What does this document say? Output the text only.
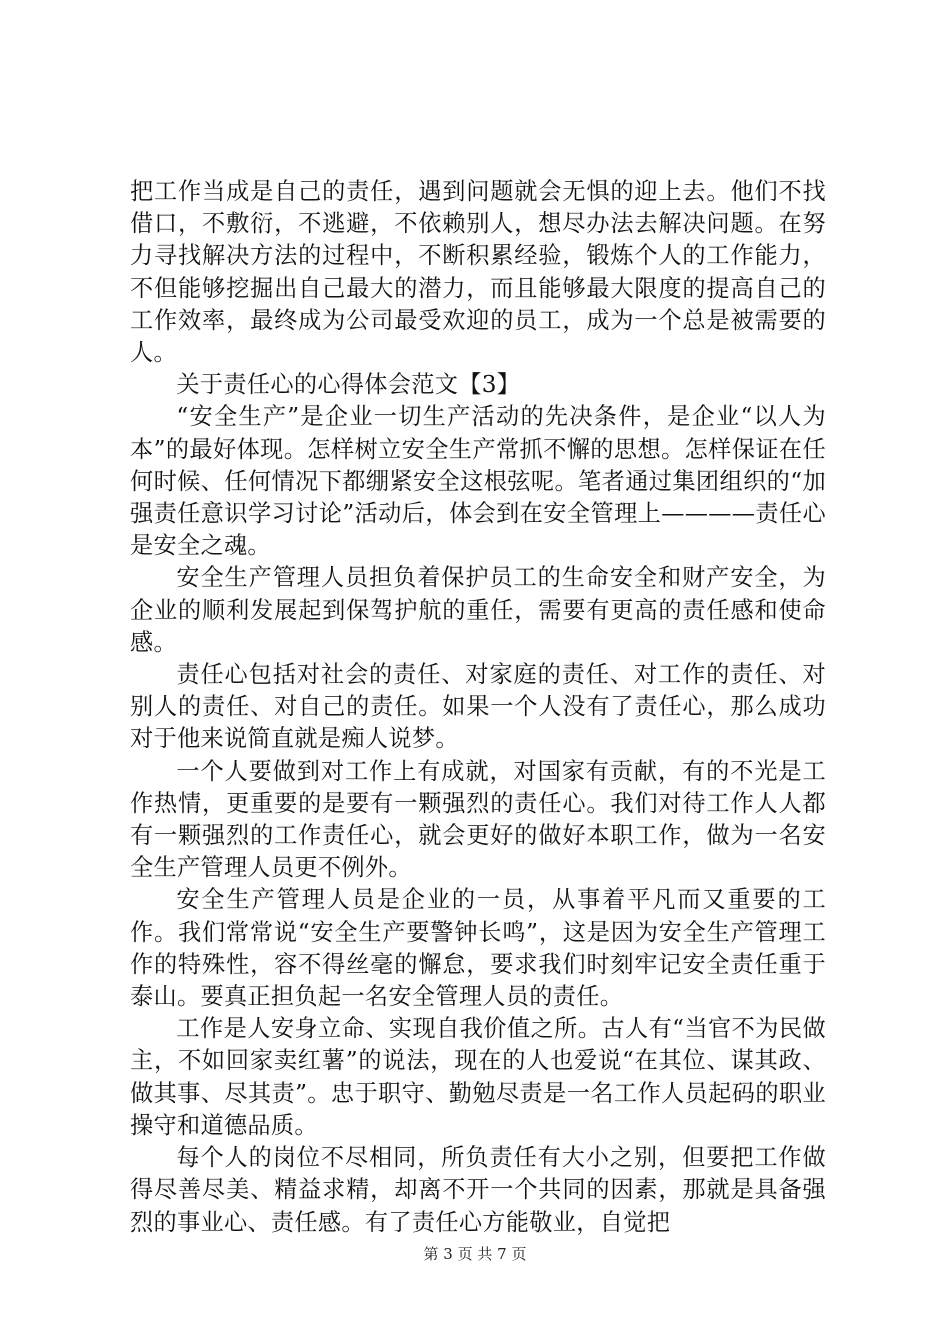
把工作当成是自己的责任，遇到问题就会无惧的迎上去。他们不找借口，不敷衍，不逃避，不依赖别人，想尽办法去解决问题。在努力寻找解决方法的过程中，不断积累经验，锻炼个人的工作能力，不但能够挖掘出自己最大的潜力，而且能够最大限度的提高自己的工作效率，最终成为公司最受欢迎的员工，成为一个总是被需要的人。

关于责任心的心得体会范文【3】

“安全生产”是企业一切生产活动的先决条件，是企业“以人为本”的最好体现。怎样树立安全生产常抓不懈的思想。怎样保证在任何时候、任何情况下都绷紧安全这根弦呢。笔者通过集团组织的“加强责任意识学习讨论”活动后，体会到在安全管理上————责任心是安全之魂。

安全生产管理人员担负着保护员工的生命安全和财产安全，为企业的顺利发展起到保驾护航的重任，需要有更高的责任感和使命感。

责任心包括对社会的责任、对家庭的责任、对工作的责任、对别人的责任、对自己的责任。如果一个人没有了责任心，那么成功对于他来说简直就是痴人说梦。

一个人要做到对工作上有成就，对国家有贡献，有的不光是工作热情，更重要的是要有一颗强烈的责任心。我们对待工作人人都有一颗强烈的工作责任心，就会更好的做好本职工作，做为一名安全生产管理人员更不例外。

安全生产管理人员是企业的一员，从事着平凡而又重要的工作。我们常常说“安全生产要警钟长鸣”，这是因为安全生产管理工作的特殊性，容不得丝毫的懈怠，要求我们时刻牢记安全责任重于泰山。要真正担负起一名安全管理人员的责任。

工作是人安身立命、实现自我价值之所。古人有“当官不为民做主，不如回家卖红薯”的说法，现在的人也爱说“在其位、谋其政、做其事、尽其责”。忠于职守、勤勉尽责是一名工作人员起码的职业操守和道德品质。

每个人的岗位不尽相同，所负责任有大小之别，但要把工作做得尽善尽美、精益求精，却离不开一个共同的因素，那就是具备强烈的事业心、责任感。有了责任心方能敬业，自觉把

第 3 页 共 7 页
